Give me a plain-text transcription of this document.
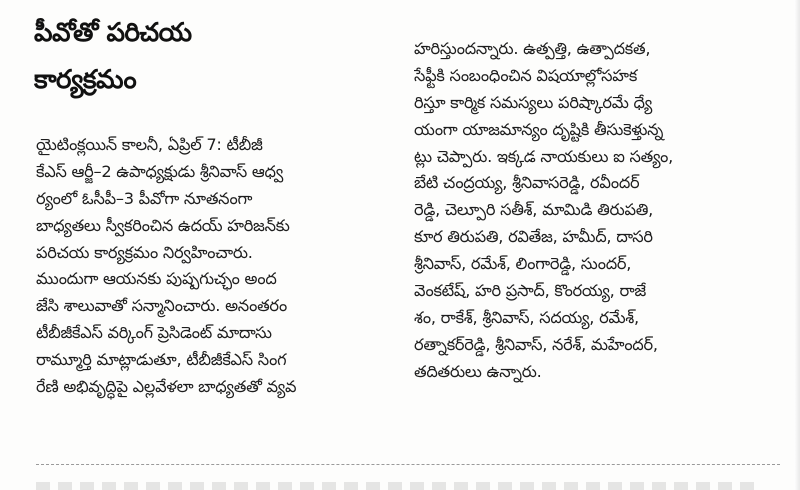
పీవోతో పరిచయ
కార్యక్రమం
యైటింక్లయిన్ కాలనీ, ఏప్రిల్ 7: టీబీజీ
కేఎస్ ఆర్జీ–2 ఉపాధ్యక్షుడు శ్రీనివాస్ ఆధ్వ
ర్యంలో ఓసీపీ–3 పీవోగా నూతనంగా
బాధ్యతలు స్వీకరించిన ఉదయ్ హరిజన్‌కు
పరిచయ కార్యక్రమం నిర్వహించారు.
ముందుగా ఆయనకు పుష్పగుచ్ఛం అంద
జేసి శాలువాతో సన్మానించారు. అనంతరం
టీబీజీకేఎస్ వర్కింగ్ ప్రెసిడెంట్ మాదాసు
రామ్మూర్తి మాట్లాడుతూ, టీబీజీకేఎస్ సింగ
రేణి అభివృద్ధిపై ఎల్లవేళలా బాధ్యతతో వ్యవ
హరిస్తుందన్నారు. ఉత్పత్తి, ఉత్పాదకత,
సేఫ్టీకి సంబంధించిన విషయాల్లోసహక
రిస్తూ కార్మిక సమస్యలు పరిష్కారమే ధ్యే
యంగా యాజమాన్యం దృష్టికి తీసుకెళ్తున్న
ట్లు చెప్పారు. ఇక్కడ నాయకులు ఐ సత్యం,
బేటి చంద్రయ్య, శ్రీనివాసరెడ్డి, రవీందర్
రెడ్డి, చెల్పూరి సతీశ్, మామిడి తిరుపతి,
కూర తిరుపతి, రవితేజ, హమీద్, దాసరి
శ్రీనివాస్, రమేశ్, లింగారెడ్డి, సుందర్,
వెంకటేష్, హరి ప్రసాద్, కొంరయ్య, రాజే
శం, రాకేశ్, శ్రీనివాస్, సదయ్య, రమేశ్,
రత్నాకర్‌రెడ్డి, శ్రీనివాస్, నరేశ్, మహేందర్,
తదితరులు ఉన్నారు.
